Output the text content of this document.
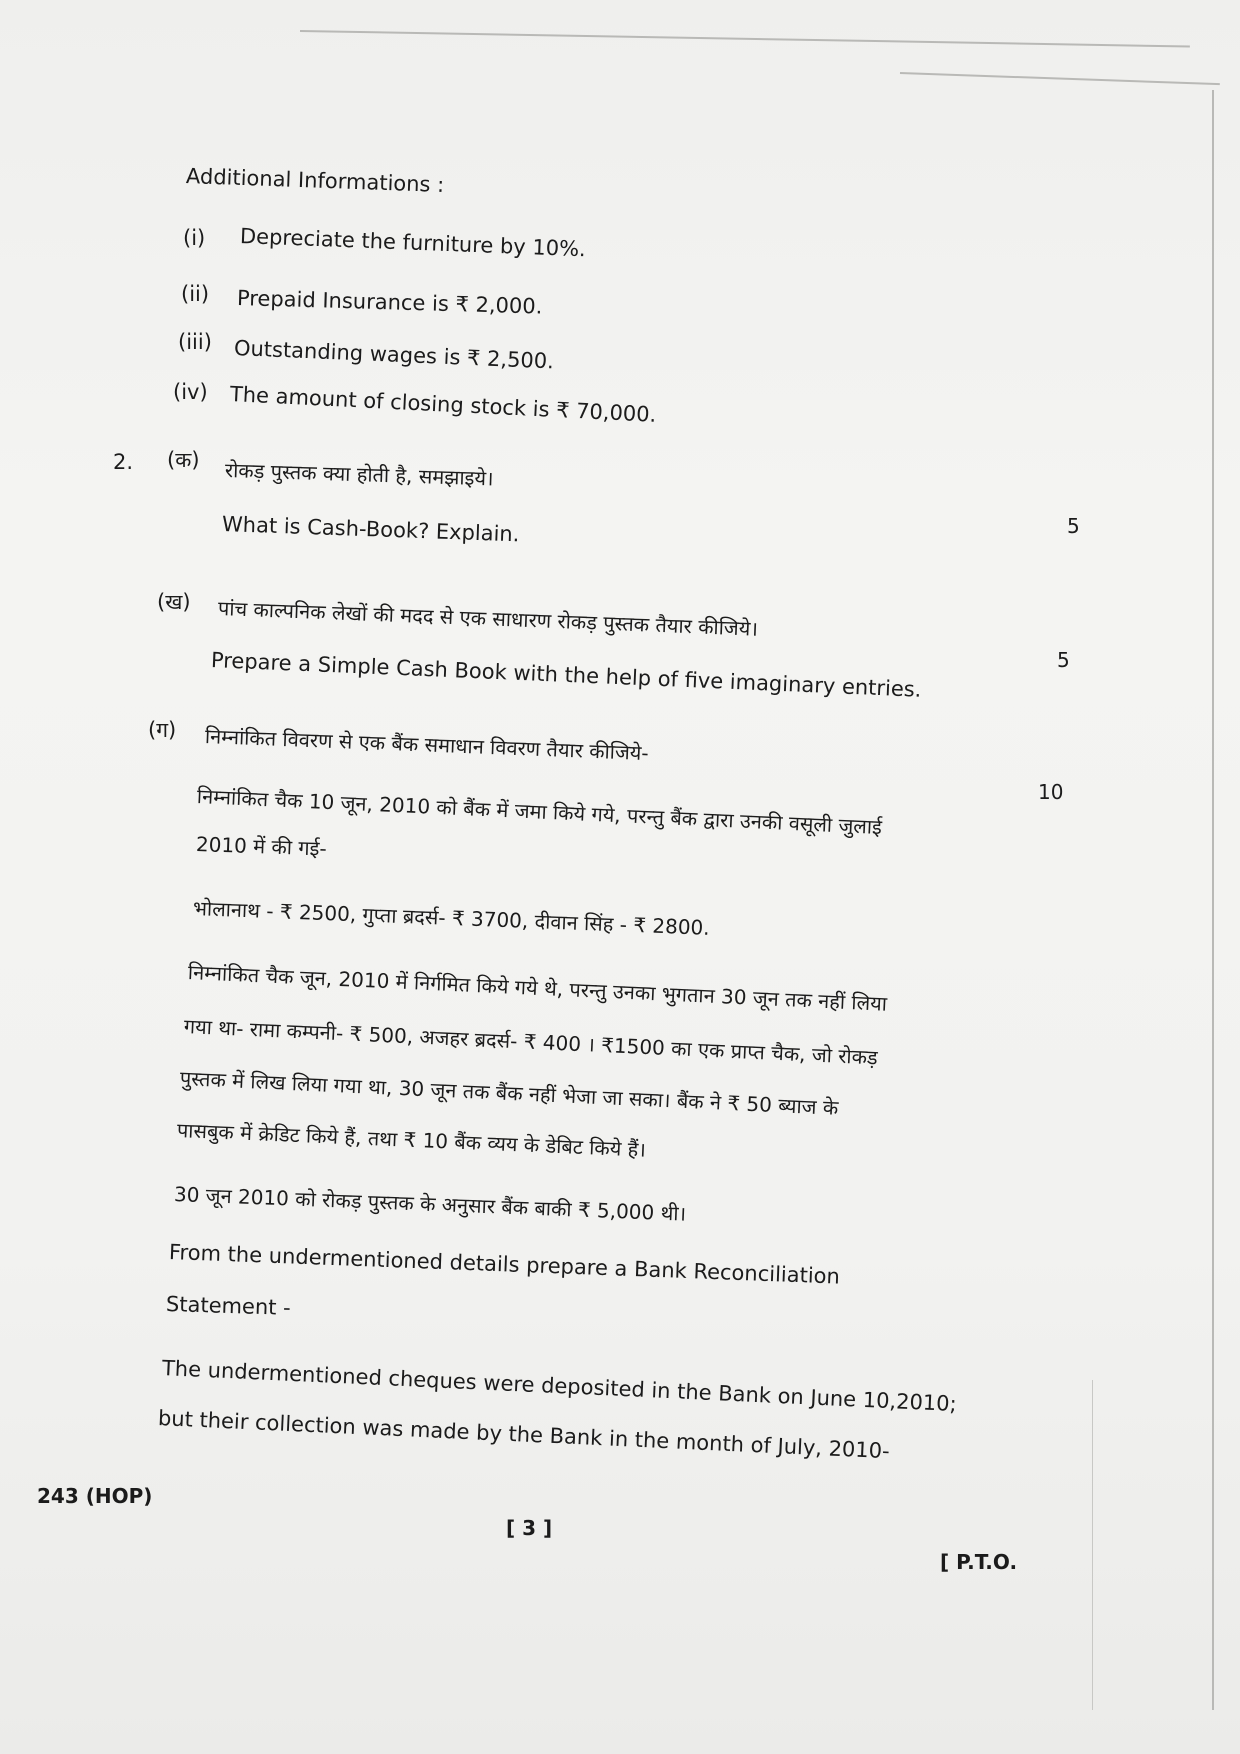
Additional Informations :
(i) Depreciate the furniture by 10%.
(ii) Prepaid Insurance is ₹ 2,000.
(iii) Outstanding wages is ₹ 2,500.
(iv) The amount of closing stock is ₹ 70,000.
2. (क) रोकड़ पुस्तक क्या होती है, समझाइये।
What is Cash-Book? Explain.	5
(ख) पांच काल्पनिक लेखों की मदद से एक साधारण रोकड़ पुस्तक तैयार कीजिये।
Prepare a Simple Cash Book with the help of five imaginary entries.	5
(ग) निम्नांकित विवरण से एक बैंक समाधान विवरण तैयार कीजिये-
10
निम्नांकित चैक 10 जून, 2010 को बैंक में जमा किये गये, परन्तु बैंक द्वारा उनकी वसूली जुलाई
2010 में की गई-
भोलानाथ - ₹ 2500, गुप्ता ब्रदर्स- ₹ 3700, दीवान सिंह - ₹ 2800.
निम्नांकित चैक जून, 2010 में निर्गमित किये गये थे, परन्तु उनका भुगतान 30 जून तक नहीं लिया
गया था- रामा कम्पनी- ₹ 500, अजहर ब्रदर्स- ₹ 400 । ₹1500 का एक प्राप्त चैक, जो रोकड़
पुस्तक में लिख लिया गया था, 30 जून तक बैंक नहीं भेजा जा सका। बैंक ने ₹ 50 ब्याज के
पासबुक में क्रेडिट किये हैं, तथा ₹ 10 बैंक व्यय के डेबिट किये हैं।
30 जून 2010 को रोकड़ पुस्तक के अनुसार बैंक बाकी ₹ 5,000 थी।
From the undermentioned details prepare a Bank Reconciliation
Statement -
The undermentioned cheques were deposited in the Bank on June 10,2010;
but their collection was made by the Bank in the month of July, 2010-
243 (HOP)
[ 3 ]
[ P.T.O.
